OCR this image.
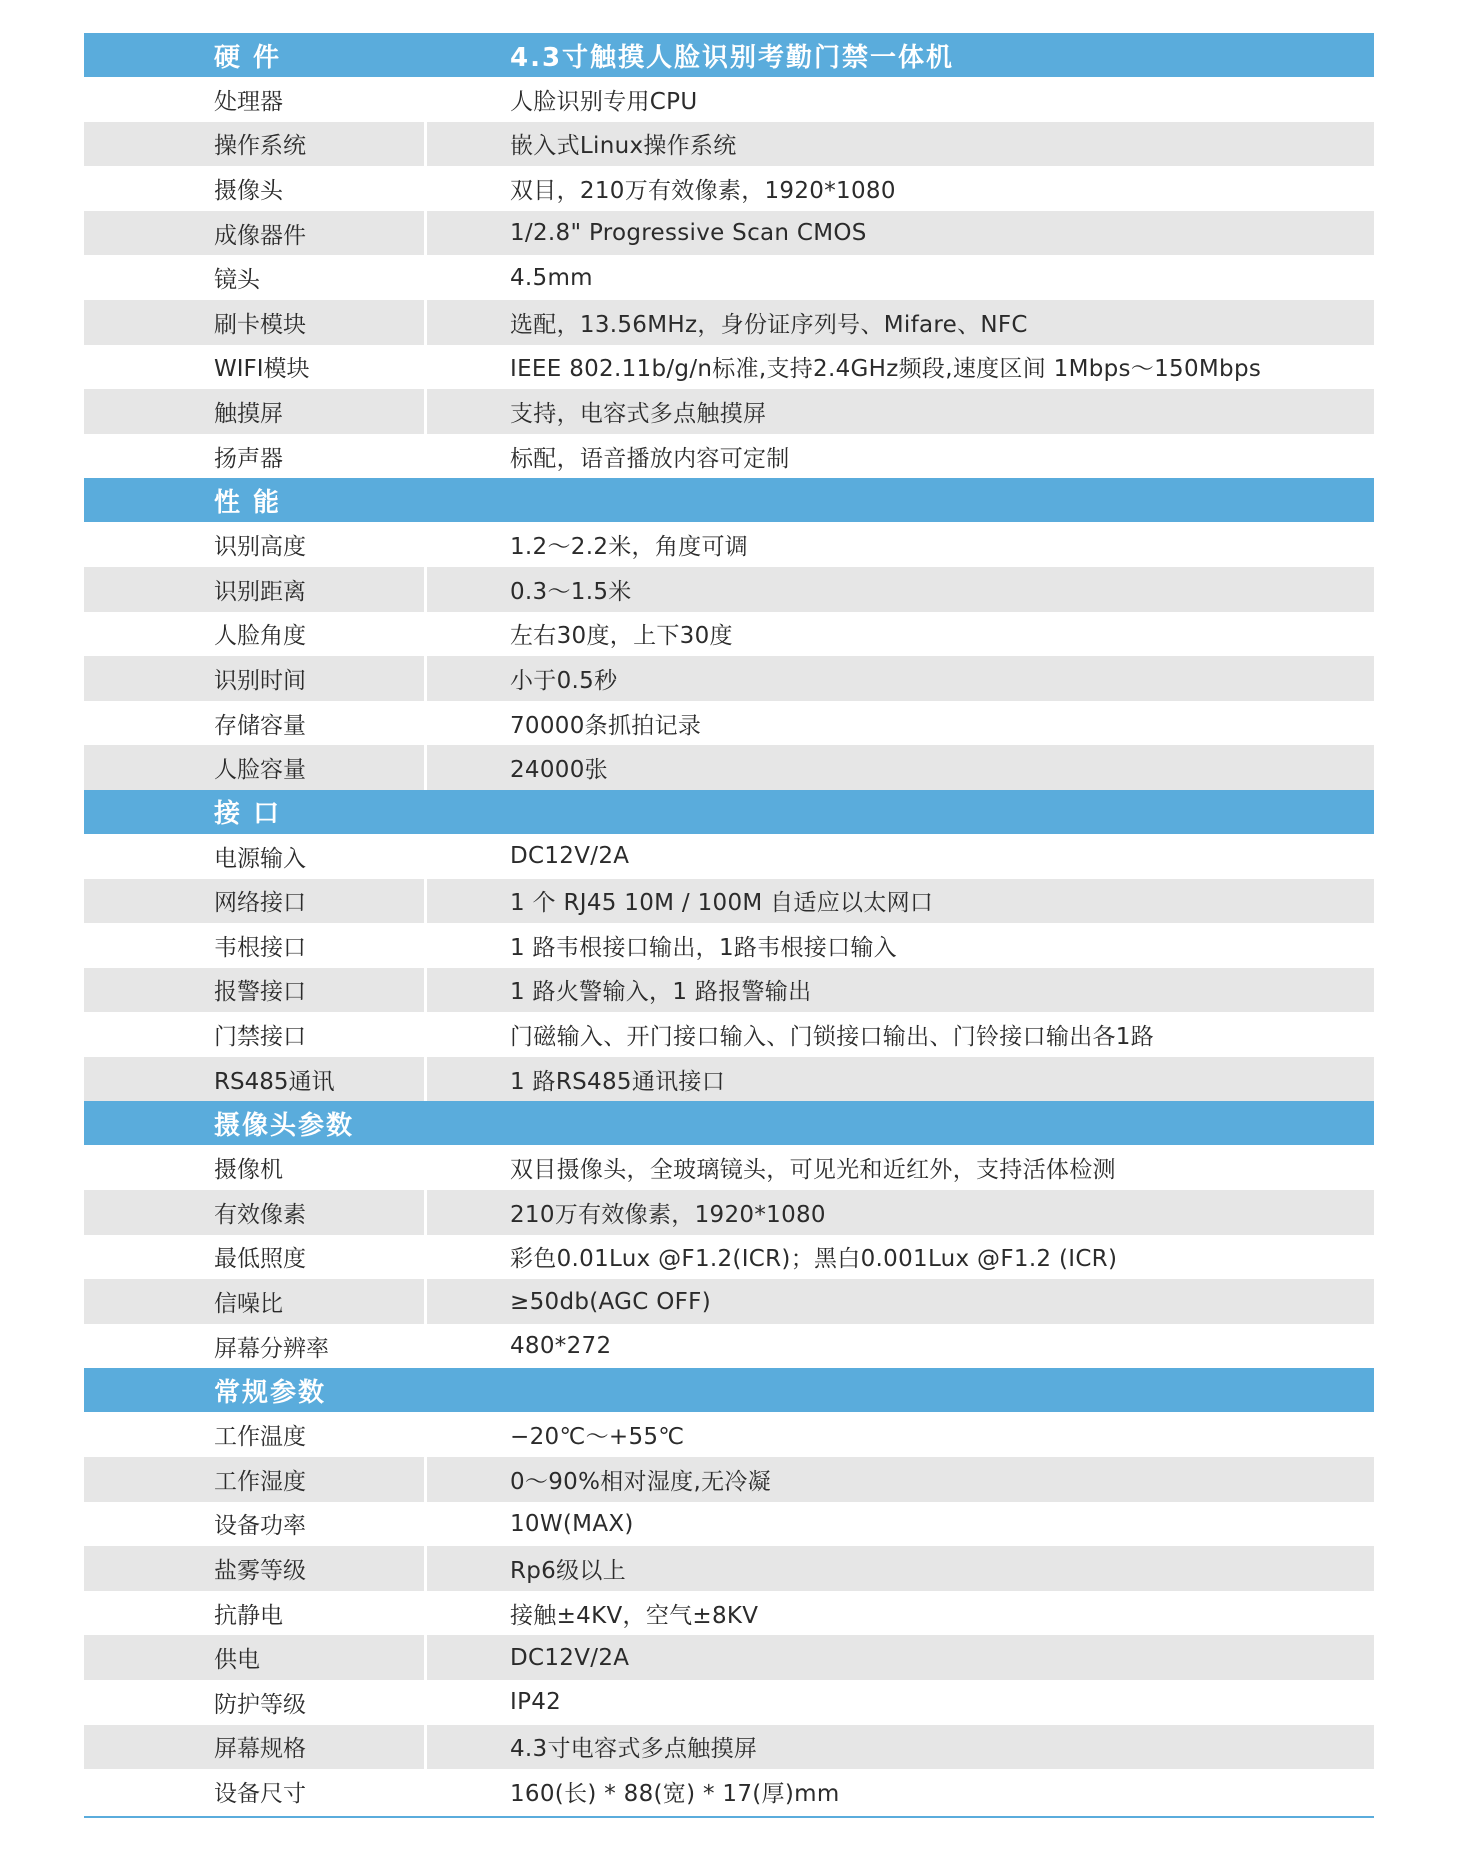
硬 件	4.3寸触摸人脸识别考勤门禁一体机
处理器	人脸识别专用CPU
操作系统	嵌入式Linux操作系统
摄像头	双目，210万有效像素，1920*1080
成像器件	1/2.8" Progressive Scan CMOS
镜头	4.5mm
刷卡模块	选配，13.56MHz，身份证序列号、Mifare、NFC
WIFI模块	IEEE 802.11b/g/n标准,支持2.4GHz频段,速度区间 1Mbps～150Mbps
触摸屏	支持，电容式多点触摸屏
扬声器	标配，语音播放内容可定制
性 能
识别高度	1.2～2.2米，角度可调
识别距离	0.3～1.5米
人脸角度	左右30度，上下30度
识别时间	小于0.5秒
存储容量	70000条抓拍记录
人脸容量	24000张
接 口
电源输入	DC12V/2A
网络接口	1 个 RJ45 10M / 100M 自适应以太网口
韦根接口	1 路韦根接口输出，1路韦根接口输入
报警接口	1 路火警输入，1 路报警输出
门禁接口	门磁输入、开门接口输入、门锁接口输出、门铃接口输出各1路
RS485通讯	1 路RS485通讯接口
摄像头参数
摄像机	双目摄像头，全玻璃镜头，可见光和近红外，支持活体检测
有效像素	210万有效像素，1920*1080
最低照度	彩色0.01Lux @F1.2(ICR)；黑白0.001Lux @F1.2 (ICR)
信噪比	≥50db(AGC OFF)
屏幕分辨率	480*272
常规参数
工作温度	−20℃～+55℃
工作湿度	0～90%相对湿度,无冷凝
设备功率	10W(MAX)
盐雾等级	Rp6级以上
抗静电	接触±4KV，空气±8KV
供电	DC12V/2A
防护等级	IP42
屏幕规格	4.3寸电容式多点触摸屏
设备尺寸	160(长) * 88(宽) * 17(厚)mm
